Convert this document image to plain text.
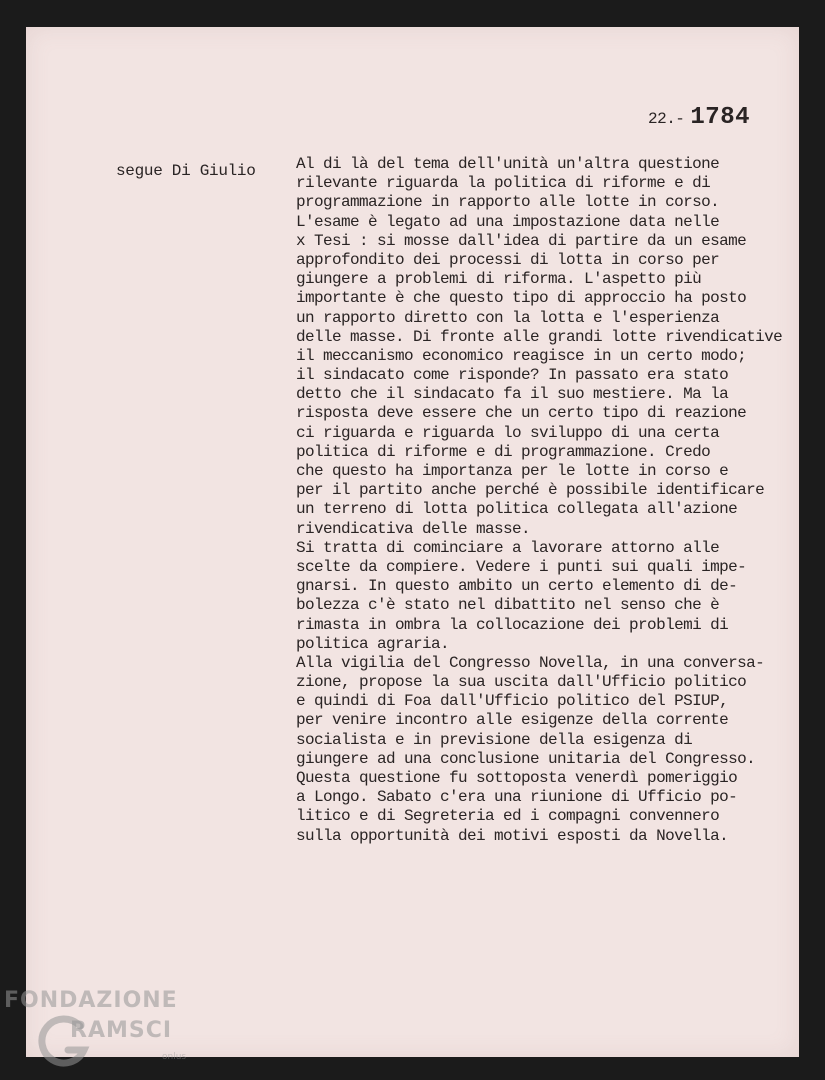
22.- 1784

segue Di Giulio	Al di là del tema dell'unità un'altra questione
rilevante riguarda la politica di riforme e di
programmazione in rapporto alle lotte in corso.
L'esame è legato ad una impostazione data nelle
x Tesi : si mosse dall'idea di partire da un esame
approfondito dei processi di lotta in corso per
giungere a problemi di riforma. L'aspetto più
importante è che questo tipo di approccio ha posto
un rapporto diretto con la lotta e l'esperienza
delle masse. Di fronte alle grandi lotte rivendicative
il meccanismo economico reagisce in un certo modo;
il sindacato come risponde? In passato era stato
detto che il sindacato fa il suo mestiere. Ma la
risposta deve essere che un certo tipo di reazione
ci riguarda e riguarda lo sviluppo di una certa
politica di riforme e di programmazione. Credo
che questo ha importanza per le lotte in corso e
per il partito anche perché è possibile identificare
un terreno di lotta politica collegata all'azione
rivendicativa delle masse.
Si tratta di cominciare a lavorare attorno alle
scelte da compiere. Vedere i punti sui quali impe-
gnarsi. In questo ambito un certo elemento di de-
bolezza c'è stato nel dibattito nel senso che è
rimasta in ombra la collocazione dei problemi di
politica agraria.
Alla vigilia del Congresso Novella, in una conversa-
zione, propose la sua uscita dall'Ufficio politico
e quindi di Foa dall'Ufficio politico del PSIUP,
per venire incontro alle esigenze della corrente
socialista e in previsione della esigenza di
giungere ad una conclusione unitaria del Congresso.
Questa questione fu sottoposta venerdì pomeriggio
a Longo. Sabato c'era una riunione di Ufficio po-
litico e di Segreteria ed i compagni convennero
sulla opportunità dei motivi esposti da Novella.
FONDAZIONE
RAMSCI
onlus
